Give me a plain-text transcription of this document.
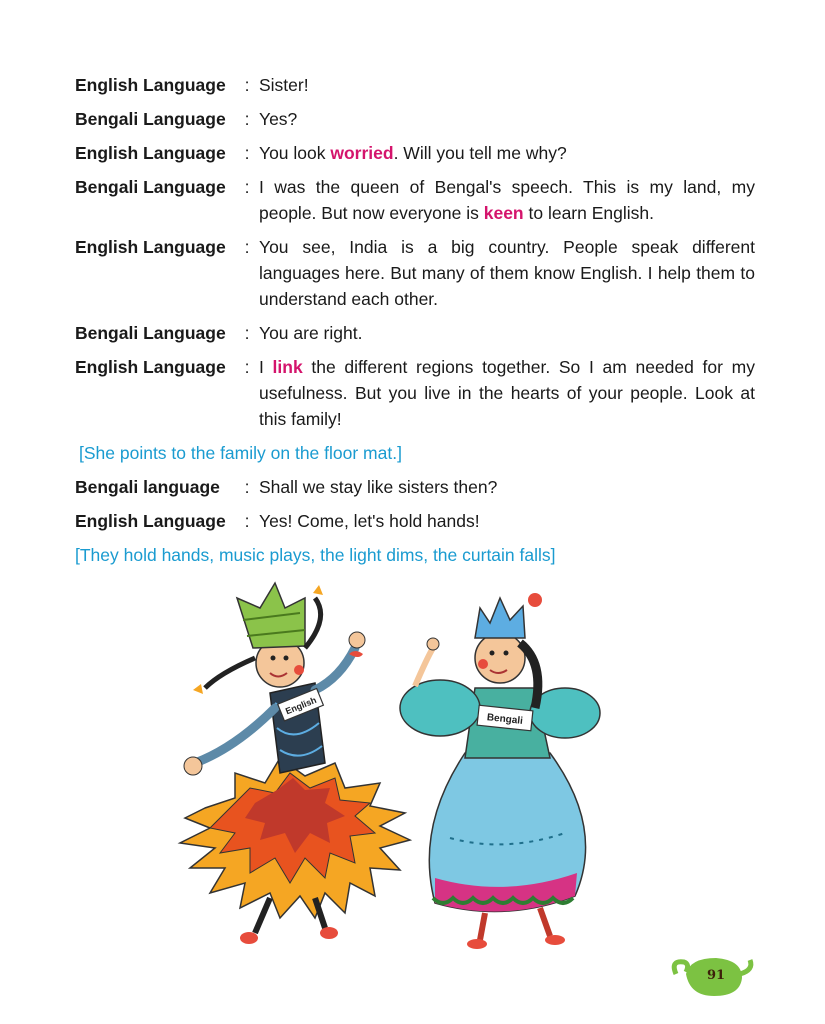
English Language	: Sister!
Bengali Language	: Yes?
English Language	: You look worried. Will you tell me why?
Bengali Language	: I was the queen of Bengal's speech. This is my land, my people. But now everyone is keen to learn English.
English Language	: You see, India is a big country. People speak different languages here. But many of them know English. I help them to understand each other.
Bengali Language	: You are right.
English Language	: I link the different regions together. So I am needed for my usefulness. But you live in the hearts of your people. Look at this family!
[She points to the family on the floor mat.]
Bengali language	: Shall we stay like sisters then?
English Language	: Yes! Come, let's hold hands!
[They hold hands, music plays, the light dims, the curtain falls]
English
Bengali
91
